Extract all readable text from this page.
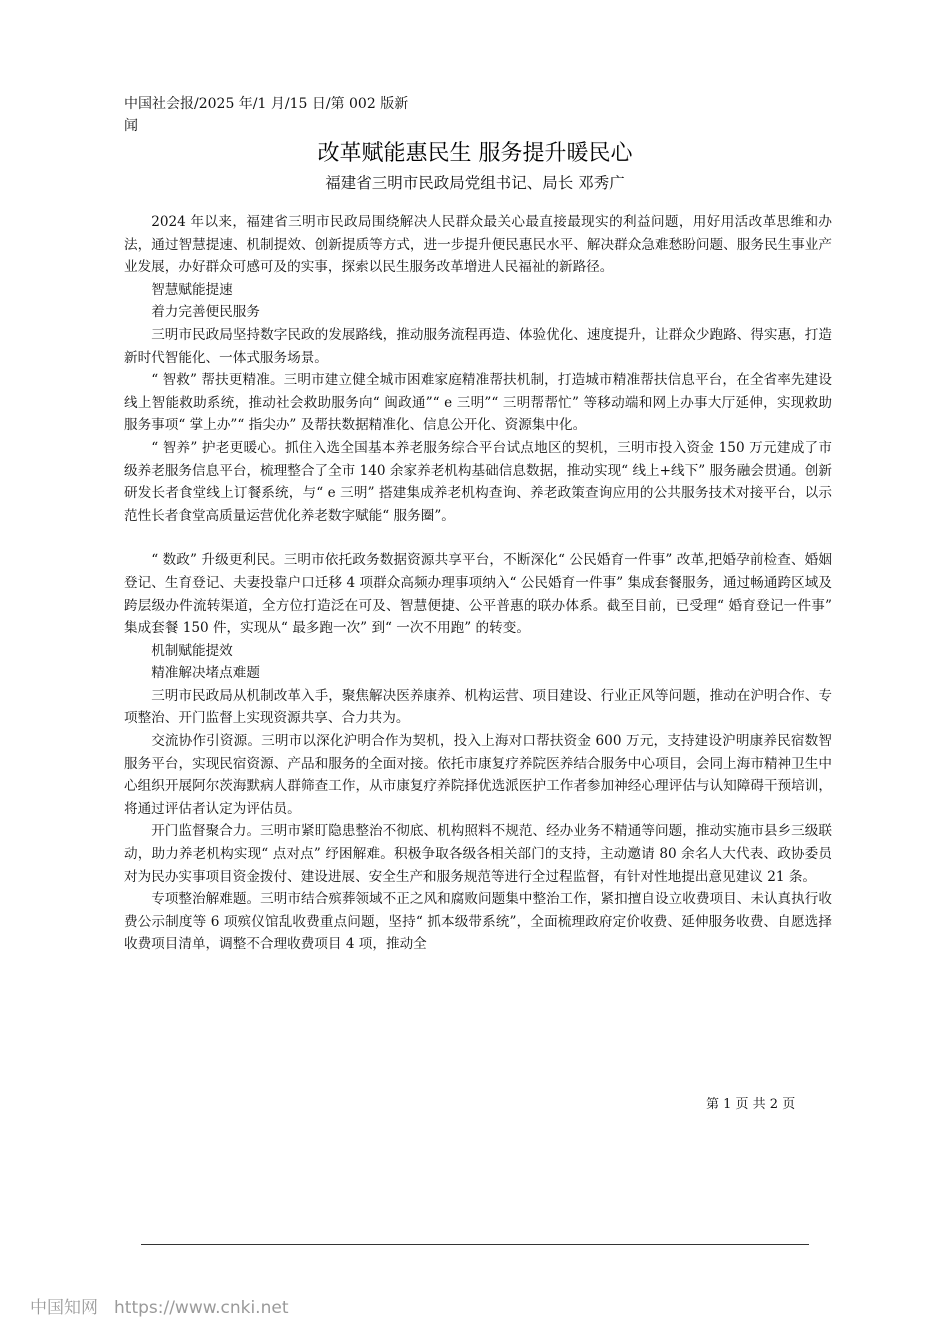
中国社会报/2025 年/1 月/15 日/第 002 版新闻
改革赋能惠民生 服务提升暖民心
福建省三明市民政局党组书记、局长 邓秀广

2024 年以来，福建省三明市民政局围绕解决人民群众最关心最直接最现实的利益问题，用好用活改革思维和办法，通过智慧提速、机制提效、创新提质等方式，进一步提升便民惠民水平、解决群众急难愁盼问题、服务民生事业产业发展，办好群众可感可及的实事，探索以民生服务改革增进人民福祉的新路径。

智慧赋能提速

着力完善便民服务

三明市民政局坚持数字民政的发展路线，推动服务流程再造、体验优化、速度提升，让群众少跑路、得实惠，打造新时代智能化、一体式服务场景。

“ 智救” 帮扶更精准。三明市建立健全城市困难家庭精准帮扶机制，打造城市精准帮扶信息平台，在全省率先建设线上智能救助系统，推动社会救助服务向“ 闽政通”“ e 三明”“ 三明帮帮忙” 等移动端和网上办事大厅延伸，实现救助服务事项“ 掌上办”“ 指尖办” 及帮扶数据精准化、信息公开化、资源集中化。

“ 智养” 护老更暖心。抓住入选全国基本养老服务综合平台试点地区的契机，三明市投入资金 150 万元建成了市级养老服务信息平台，梳理整合了全市 140 余家养老机构基础信息数据，推动实现“ 线上+线下” 服务融会贯通。创新研发长者食堂线上订餐系统，与“ e 三明” 搭建集成养老机构查询、养老政策查询应用的公共服务技术对接平台，以示范性长者食堂高质量运营优化养老数字赋能“ 服务圈”。

“ 数政” 升级更利民。三明市依托政务数据资源共享平台，不断深化“ 公民婚育一件事” 改革,把婚孕前检查、婚姻登记、生育登记、夫妻投靠户口迁移 4 项群众高频办理事项纳入“ 公民婚育一件事” 集成套餐服务，通过畅通跨区域及跨层级办件流转渠道，全方位打造泛在可及、智慧便捷、公平普惠的联办体系。截至目前，已受理“ 婚育登记一件事” 集成套餐 150 件，实现从“ 最多跑一次” 到“ 一次不用跑” 的转变。

机制赋能提效

精准解决堵点难题

三明市民政局从机制改革入手，聚焦解决医养康养、机构运营、项目建设、行业正风等问题，推动在沪明合作、专项整治、开门监督上实现资源共享、合力共为。

交流协作引资源。三明市以深化沪明合作为契机，投入上海对口帮扶资金 600 万元，支持建设沪明康养民宿数智服务平台，实现民宿资源、产品和服务的全面对接。依托市康复疗养院医养结合服务中心项目，会同上海市精神卫生中心组织开展阿尔茨海默病人群筛查工作，从市康复疗养院择优选派医护工作者参加神经心理评估与认知障碍干预培训，将通过评估者认定为评估员。

开门监督聚合力。三明市紧盯隐患整治不彻底、机构照料不规范、经办业务不精通等问题，推动实施市县乡三级联动，助力养老机构实现“ 点对点” 纾困解难。积极争取各级各相关部门的支持，主动邀请 80 余名人大代表、政协委员对为民办实事项目资金拨付、建设进展、安全生产和服务规范等进行全过程监督，有针对性地提出意见建议 21 条。

专项整治解难题。三明市结合殡葬领域不正之风和腐败问题集中整治工作，紧扣擅自设立收费项目、未认真执行收费公示制度等 6 项殡仪馆乱收费重点问题，坚持“ 抓本级带系统”，全面梳理政府定价收费、延伸服务收费、自愿选择收费项目清单，调整不合理收费项目 4 项，推动全

第 1 页 共 2 页
中国知网 https://www.cnki.net
